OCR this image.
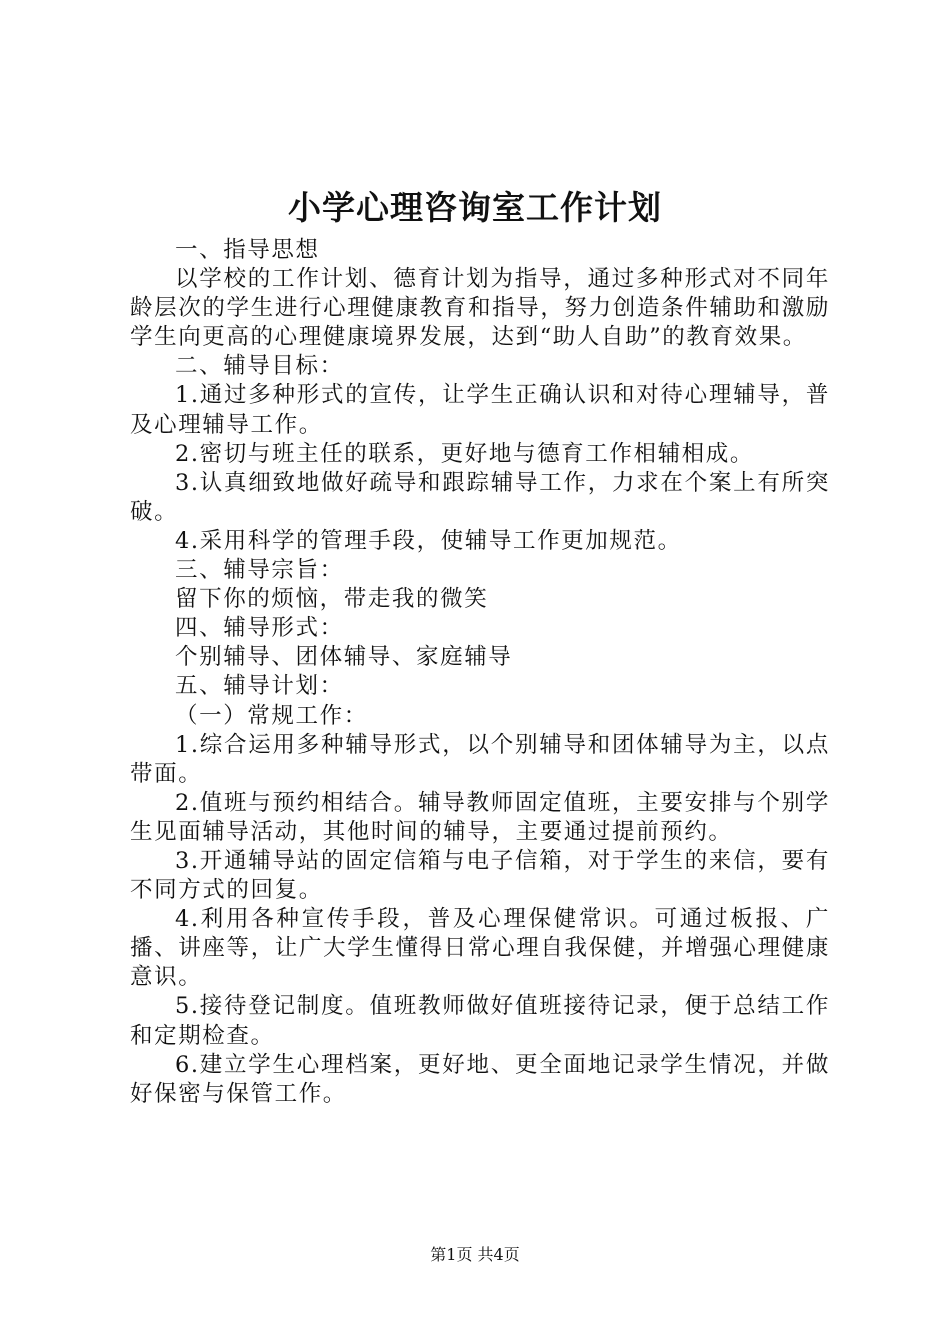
小学心理咨询室工作计划

一、指导思想

以学校的工作计划、德育计划为指导，通过多种形式对不同年龄层次的学生进行心理健康教育和指导，努力创造条件辅助和激励学生向更高的心理健康境界发展，达到“助人自助”的教育效果。

二、辅导目标：

1.通过多种形式的宣传，让学生正确认识和对待心理辅导，普及心理辅导工作。

2.密切与班主任的联系，更好地与德育工作相辅相成。

3.认真细致地做好疏导和跟踪辅导工作，力求在个案上有所突破。

4.采用科学的管理手段，使辅导工作更加规范。

三、辅导宗旨：

留下你的烦恼，带走我的微笑

四、辅导形式：

个别辅导、团体辅导、家庭辅导

五、辅导计划：

（一）常规工作：

1.综合运用多种辅导形式，以个别辅导和团体辅导为主，以点带面。

2.值班与预约相结合。辅导教师固定值班，主要安排与个别学生见面辅导活动，其他时间的辅导，主要通过提前预约。

3.开通辅导站的固定信箱与电子信箱，对于学生的来信，要有不同方式的回复。

4.利用各种宣传手段，普及心理保健常识。可通过板报、广播、讲座等，让广大学生懂得日常心理自我保健，并增强心理健康意识。

5.接待登记制度。值班教师做好值班接待记录，便于总结工作和定期检查。

6.建立学生心理档案，更好地、更全面地记录学生情况，并做好保密与保管工作。

第1页 共4页
